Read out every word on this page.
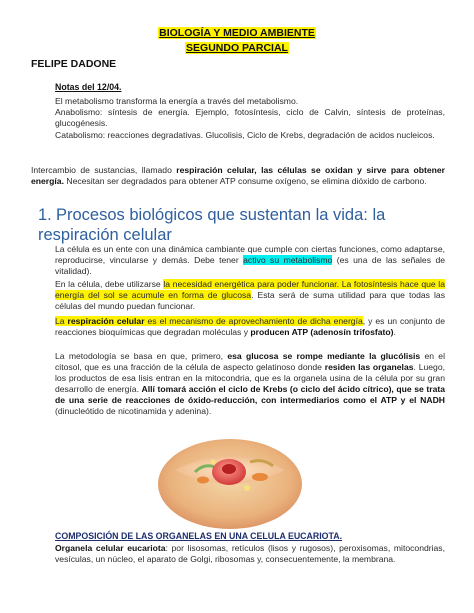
BIOLOGÍA Y MEDIO AMBIENTE
SEGUNDO PARCIAL
FELIPE DADONE
Notas del 12/04.
El metabolismo transforma la energía a través del metabolismo.
Anabolismo: síntesis de energía. Ejemplo, fotosíntesis, ciclo de Calvin, síntesis de proteínas, glucogénesis.
Catabolismo: reacciones degradativas. Glucolisis, Ciclo de Krebs, degradación de acidos nucleicos.
Intercambio de sustancias, llamado respiración celular, las células se oxidan y sirve para obtener energía. Necesitan ser degradados para obtener ATP consume oxígeno, se elimina dióxido de carbono.
1. Procesos biológicos que sustentan la vida: la respiración celular
La célula es un ente con una dinámica cambiante que cumple con ciertas funciones, como adaptarse, reproducirse, vincularse y demás. Debe tener activo su metabolismo (es una de las señales de vitalidad).
En la célula, debe utilizarse la necesidad energética para poder funcionar. La fotosíntesis hace que la energía del sol se acumule en forma de glucosa. Esta será de suma utilidad para que todas las células del mundo puedan funcionar.
La respiración celular es el mecanismo de aprovechamiento de dicha energía, y es un conjunto de reacciones bioquímicas que degradan moléculas y producen ATP (adenosín trifosfato).
La metodología se basa en que, primero, esa glucosa se rompe mediante la glucólisis en el citosol, que es una fracción de la célula de aspecto gelatinoso donde residen las organelas. Luego, los productos de esa lisis entran en la mitocondria, que es la organela usina de la célula por su gran desarrollo de energía. Allí tomará acción el ciclo de Krebs (o ciclo del ácido cítrico), que se trata de una serie de reacciones de óxido-reducción, con intermediarios como el ATP y el NADH (dinucleótido de nicotinamida y adenina).
COMPOSICIÓN DE LAS ORGANELAS EN UNA CELULA EUCARIOTA.
Organela celular eucariota: por lisosomas, retículos (lisos y rugosos), peroxisomas, mitocondrias, vesículas, un núcleo, el aparato de Golgi, ribosomas y, consecuentemente, la membrana.
